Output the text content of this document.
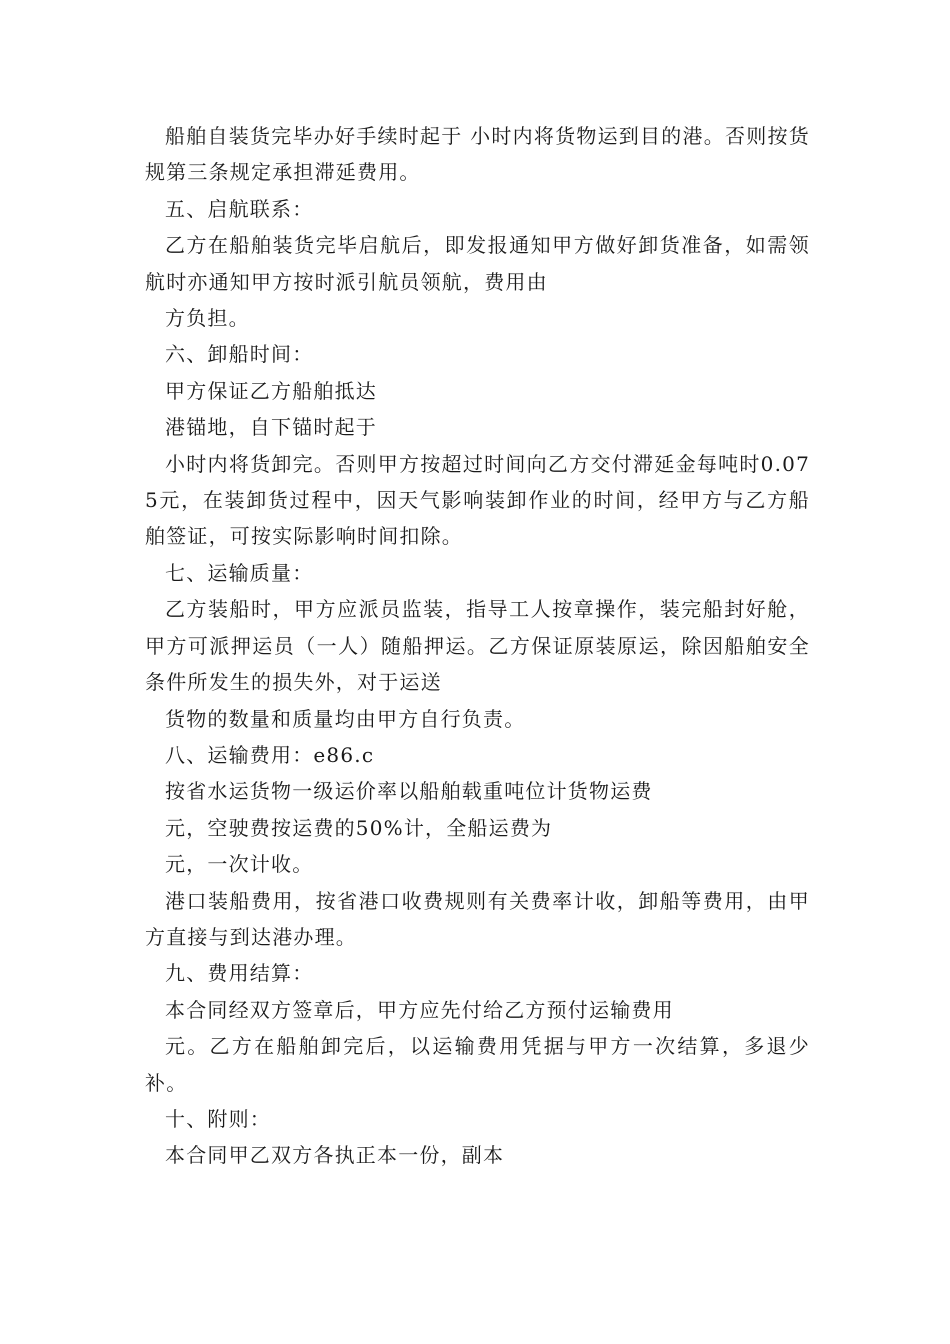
船舶自装货完毕办好手续时起于 小时内将货物运到目的港。否则按货规第三条规定承担滞延费用。

五、启航联系：

乙方在船舶装货完毕启航后，即发报通知甲方做好卸货准备，如需领航时亦通知甲方按时派引航员领航，费用由

方负担。

六、卸船时间：

甲方保证乙方船舶抵达

港锚地，自下锚时起于

小时内将货卸完。否则甲方按超过时间向乙方交付滞延金每吨时0.075元，在装卸货过程中，因天气影响装卸作业的时间，经甲方与乙方船舶签证，可按实际影响时间扣除。

七、运输质量：

乙方装船时，甲方应派员监装，指导工人按章操作，装完船封好舱，甲方可派押运员（一人）随船押运。乙方保证原装原运，除因船舶安全条件所发生的损失外，对于运送

货物的数量和质量均由甲方自行负责。

八、运输费用：e86.c

按省水运货物一级运价率以船舶载重吨位计货物运费

元，空驶费按运费的50%计，全船运费为

元，一次计收。

港口装船费用，按省港口收费规则有关费率计收，卸船等费用，由甲方直接与到达港办理。

九、费用结算：

本合同经双方签章后，甲方应先付给乙方预付运输费用

元。乙方在船舶卸完后，以运输费用凭据与甲方一次结算，多退少补。

十、附则：

本合同甲乙双方各执正本一份，副本
